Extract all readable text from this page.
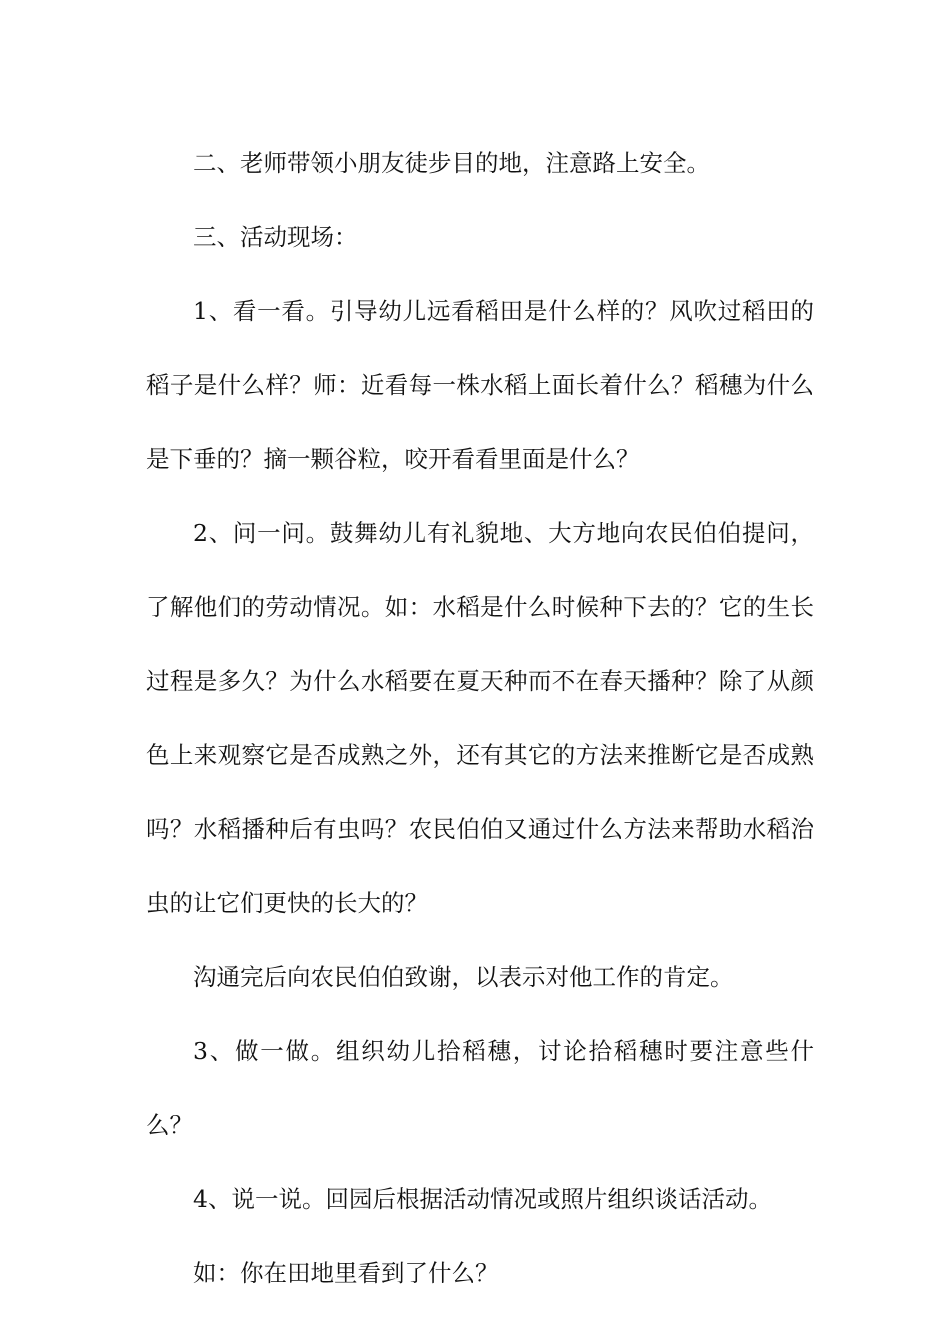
二、老师带领小朋友徒步目的地，注意路上安全。

三、活动现场：

1、看一看。引导幼儿远看稻田是什么样的？风吹过稻田的稻子是什么样？师：近看每一株水稻上面长着什么？稻穗为什么是下垂的？摘一颗谷粒，咬开看看里面是什么？

2、问一问。鼓舞幼儿有礼貌地、大方地向农民伯伯提问，了解他们的劳动情况。如：水稻是什么时候种下去的？它的生长过程是多久？为什么水稻要在夏天种而不在春天播种？除了从颜色上来观察它是否成熟之外，还有其它的方法来推断它是否成熟吗？水稻播种后有虫吗？农民伯伯又通过什么方法来帮助水稻治虫的让它们更快的长大的？

沟通完后向农民伯伯致谢，以表示对他工作的肯定。

3、做一做。组织幼儿拾稻穗，讨论拾稻穗时要注意些什么？

4、说一说。回园后根据活动情况或照片组织谈话活动。

如：你在田地里看到了什么？
